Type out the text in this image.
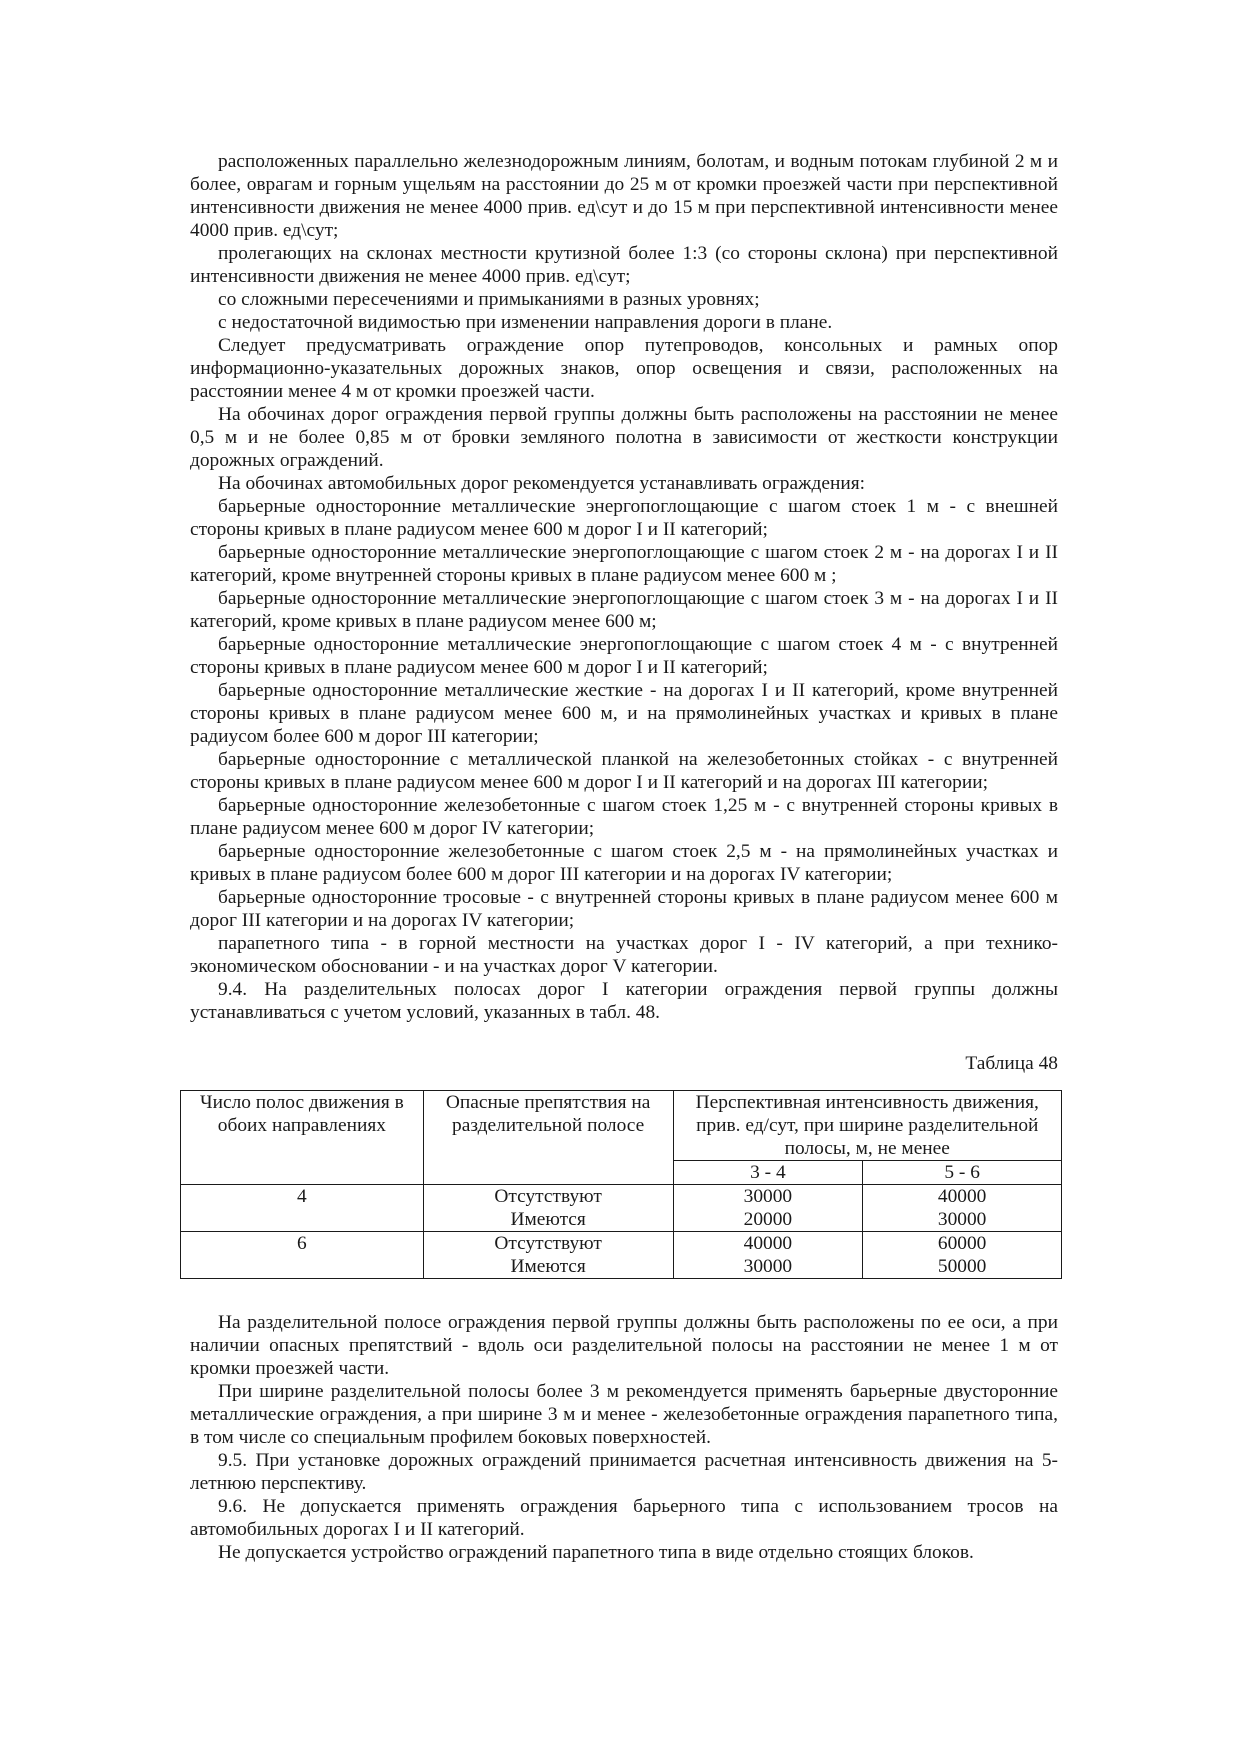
расположенных параллельно железнодорожным линиям, болотам, и водным потокам глубиной 2 м и более, оврагам и горным ущельям на расстоянии до 25 м от кромки проезжей части при перспективной интенсивности движения не менее 4000 прив. ед\сут и до 15 м при перспективной интенсивности менее 4000 прив. ед\сут;

пролегающих на склонах местности крутизной более 1:3 (со стороны склона) при перспективной интенсивности движения не менее 4000 прив. ед\сут;

со сложными пересечениями и примыканиями в разных уровнях;

с недостаточной видимостью при изменении направления дороги в плане.

Следует предусматривать ограждение опор путепроводов, консольных и рамных опор информационно-указательных дорожных знаков, опор освещения и связи, расположенных на расстоянии менее 4 м от кромки проезжей части.

На обочинах дорог ограждения первой группы должны быть расположены на расстоянии не менее 0,5 м и не более 0,85 м от бровки земляного полотна в зависимости от жесткости конструкции дорожных ограждений.

На обочинах автомобильных дорог рекомендуется устанавливать ограждения:

барьерные односторонние металлические энергопоглощающие с шагом стоек 1 м - с внешней стороны кривых в плане радиусом менее 600 м дорог I и II категорий;

барьерные односторонние металлические энергопоглощающие с шагом стоек 2 м - на дорогах I и II категорий, кроме внутренней стороны кривых в плане радиусом менее 600 м ;

барьерные односторонние металлические энергопоглощающие с шагом стоек 3 м - на дорогах I и II категорий, кроме кривых в плане радиусом менее 600 м;

барьерные односторонние металлические энергопоглощающие с шагом стоек 4 м - с внутренней стороны кривых в плане радиусом менее 600 м дорог I и II категорий;

барьерные односторонние металлические жесткие - на дорогах I и II категорий, кроме внутренней стороны кривых в плане радиусом менее 600 м, и на прямолинейных участках и кривых в плане радиусом более 600 м дорог III категории;

барьерные односторонние с металлической планкой на железобетонных стойках - с внутренней стороны кривых в плане радиусом менее 600 м дорог I и II категорий и на дорогах III категории;

барьерные односторонние железобетонные с шагом стоек 1,25 м - с внутренней стороны кривых в плане радиусом менее 600 м дорог IV категории;

барьерные односторонние железобетонные с шагом стоек 2,5 м - на прямолинейных участках и кривых в плане радиусом более 600 м дорог III категории и на дорогах IV категории;

барьерные односторонние тросовые - с внутренней стороны кривых в плане радиусом менее 600 м дорог III категории и на дорогах IV категории;

парапетного типа - в горной местности на участках дорог I - IV категорий, а при технико-экономическом обосновании - и на участках дорог V категории.

9.4. На разделительных полосах дорог I категории ограждения первой группы должны устанавливаться с учетом условий, указанных в табл. 48.

Таблица 48
Число полос движения в обоих направлениях	Опасные препятствия на разделительной полосе	Перспективная интенсивность движения, прив. ед/сут, при ширине разделительной полосы, м, не менее	
		3 - 4	5 - 6
4	Отсутствуют	30000	40000
	Имеются	20000	30000
6	Отсутствуют	40000	60000
	Имеются	30000	50000

На разделительной полосе ограждения первой группы должны быть расположены по ее оси, а при наличии опасных препятствий - вдоль оси разделительной полосы на расстоянии не менее 1 м от кромки проезжей части.

При ширине разделительной полосы более 3 м рекомендуется применять барьерные двусторонние металлические ограждения, а при ширине 3 м и менее - железобетонные ограждения парапетного типа, в том числе со специальным профилем боковых поверхностей.

9.5. При установке дорожных ограждений принимается расчетная интенсивность движения на 5-летнюю перспективу.

9.6. Не допускается применять ограждения барьерного типа с использованием тросов на автомобильных дорогах I и II категорий.

Не допускается устройство ограждений парапетного типа в виде отдельно стоящих блоков.
